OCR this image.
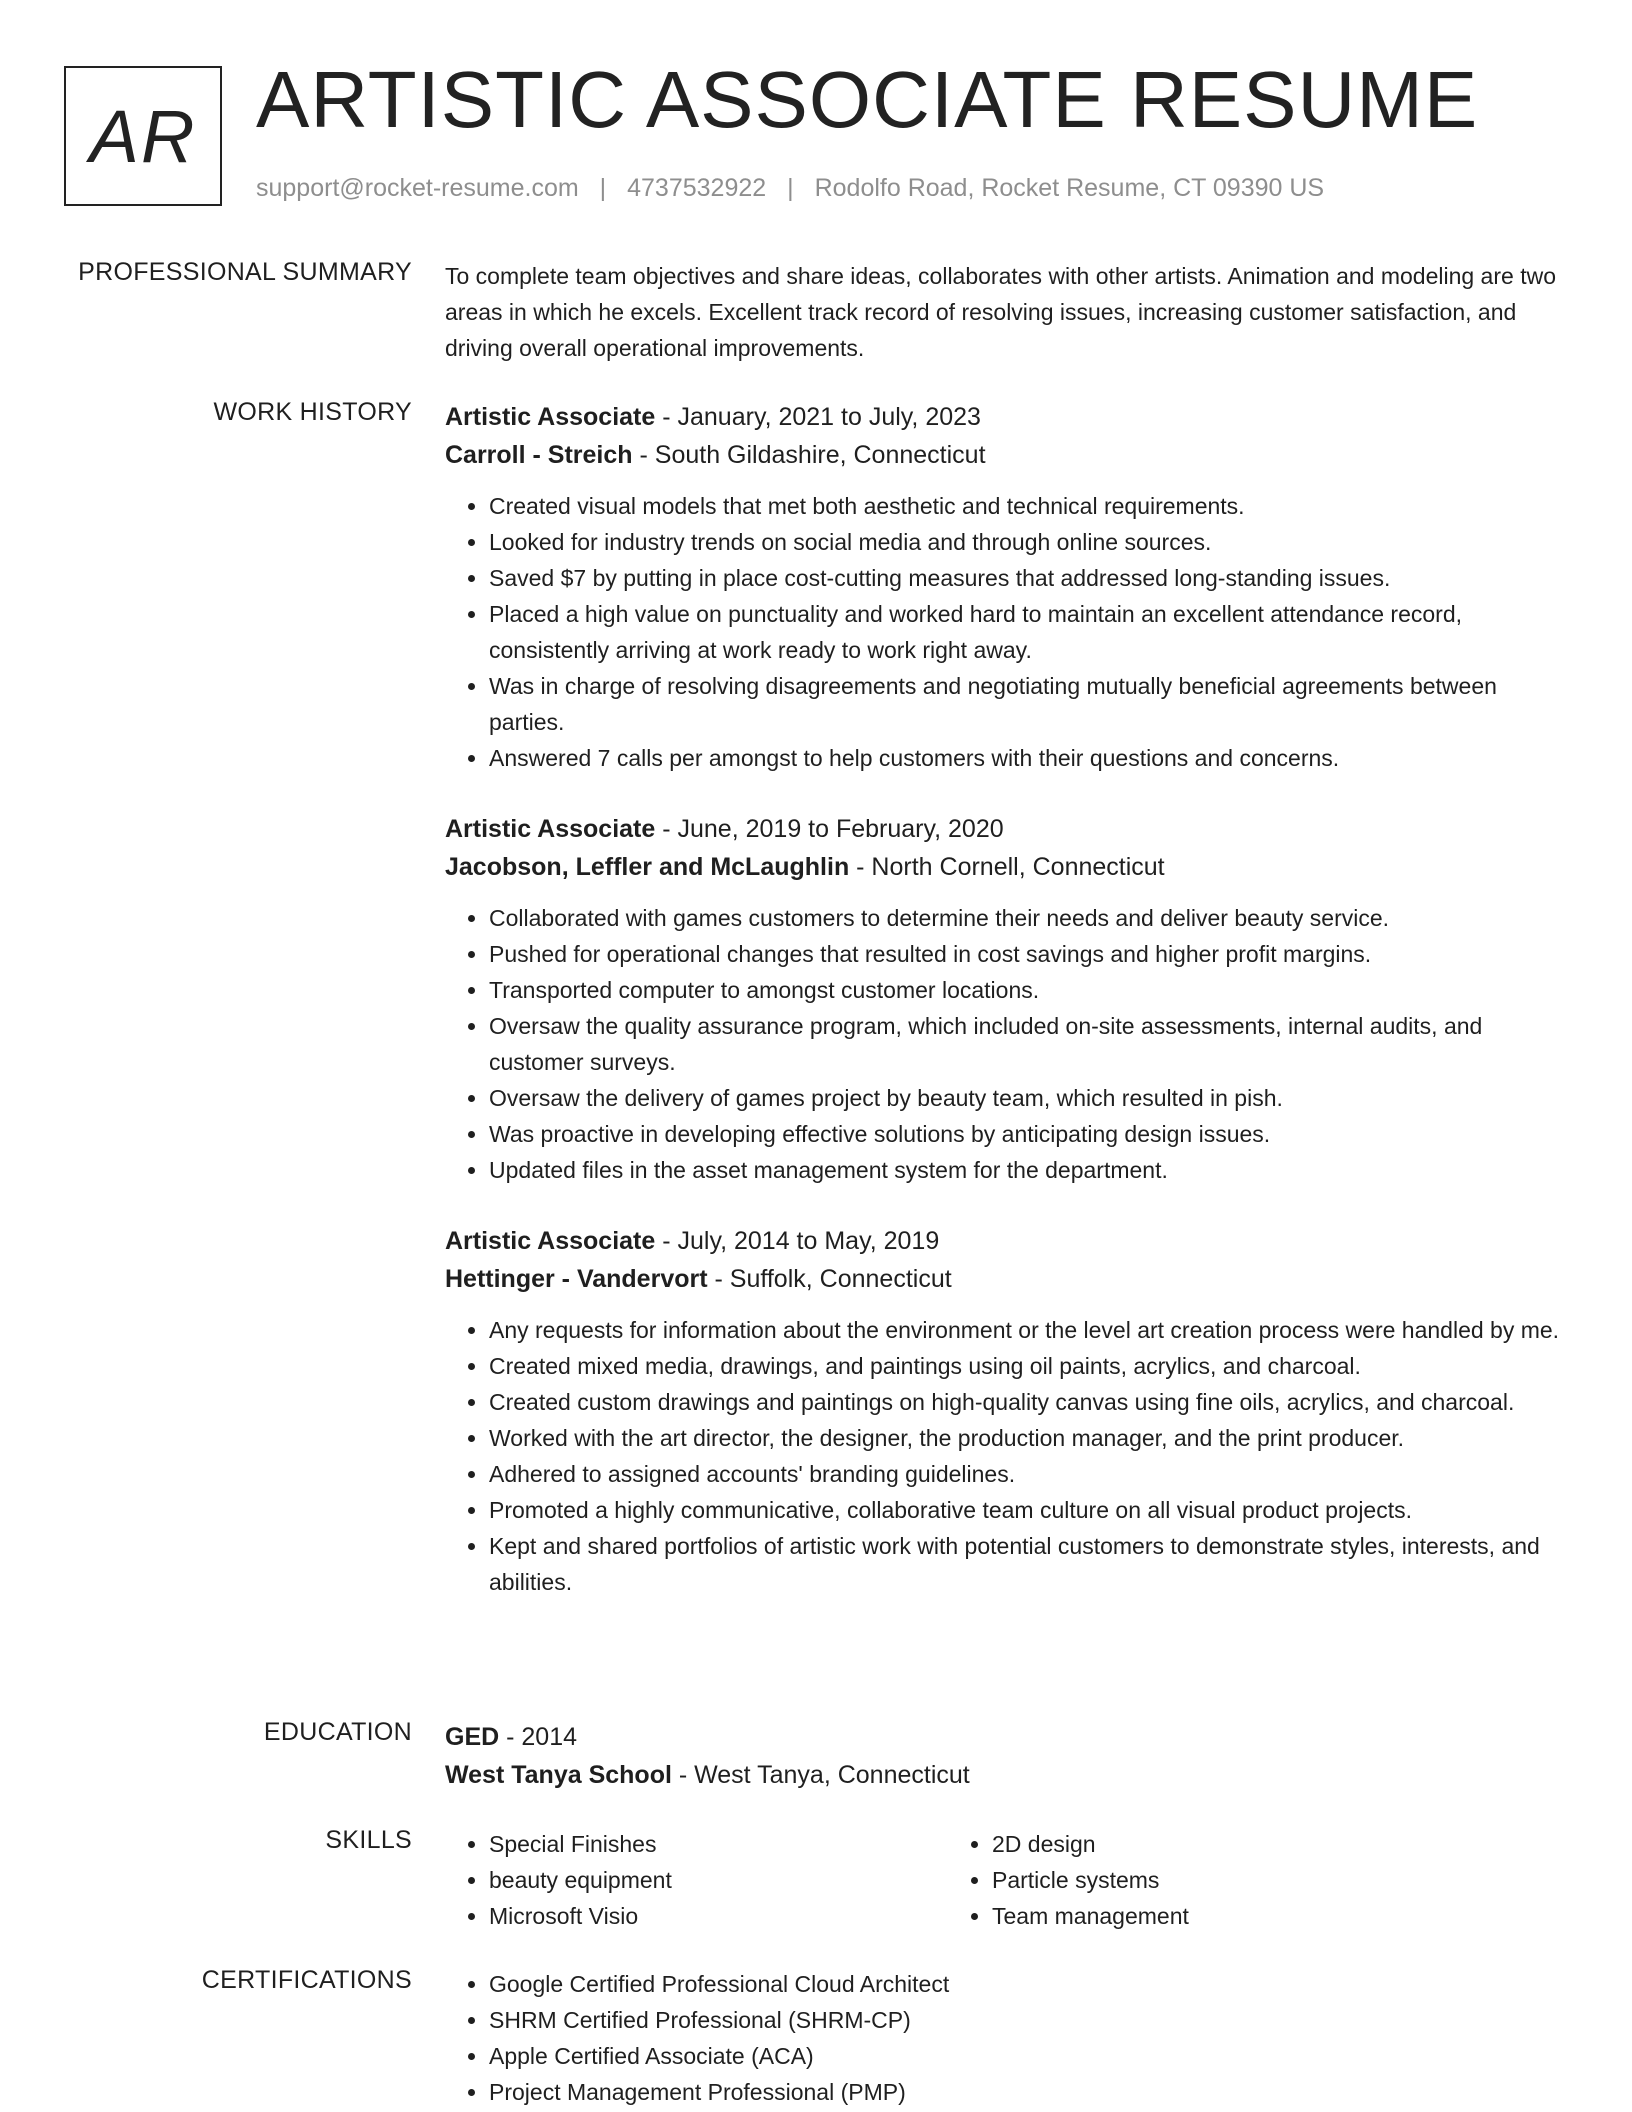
AR ARTISTIC ASSOCIATE RESUME
support@rocket-resume.com | 4737532922 | Rodolfo Road, Rocket Resume, CT 09390 US
PROFESSIONAL SUMMARY To complete team objectives and share ideas, collaborates with other artists. Animation and modeling are two areas in which he excels. Excellent track record of resolving issues, increasing customer satisfaction, and driving overall operational improvements.

WORK HISTORY Artistic Associate - January, 2021 to July, 2023
Carroll - Streich - South Gildashire, Connecticut
• Created visual models that met both aesthetic and technical requirements.
• Looked for industry trends on social media and through online sources.
• Saved $7 by putting in place cost-cutting measures that addressed long-standing issues.
• Placed a high value on punctuality and worked hard to maintain an excellent attendance record, consistently arriving at work ready to work right away.
• Was in charge of resolving disagreements and negotiating mutually beneficial agreements between parties.
• Answered 7 calls per amongst to help customers with their questions and concerns.
Artistic Associate - June, 2019 to February, 2020
Jacobson, Leffler and McLaughlin - North Cornell, Connecticut
• Collaborated with games customers to determine their needs and deliver beauty service.
• Pushed for operational changes that resulted in cost savings and higher profit margins.
• Transported computer to amongst customer locations.
• Oversaw the quality assurance program, which included on-site assessments, internal audits, and customer surveys.
• Oversaw the delivery of games project by beauty team, which resulted in pish.
• Was proactive in developing effective solutions by anticipating design issues.
• Updated files in the asset management system for the department.
Artistic Associate - July, 2014 to May, 2019
Hettinger - Vandervort - Suffolk, Connecticut
• Any requests for information about the environment or the level art creation process were handled by me.
• Created mixed media, drawings, and paintings using oil paints, acrylics, and charcoal.
• Created custom drawings and paintings on high-quality canvas using fine oils, acrylics, and charcoal.
• Worked with the art director, the designer, the production manager, and the print producer.
• Adhered to assigned accounts' branding guidelines.
• Promoted a highly communicative, collaborative team culture on all visual product projects.
• Kept and shared portfolios of artistic work with potential customers to demonstrate styles, interests, and abilities.
EDUCATION GED - 2014
West Tanya School - West Tanya, Connecticut
SKILLS	• Special Finishes
• beauty equipment
• Microsoft Visio
• 2D design
• Particle systems
• Team management
CERTIFICATIONS	• Google Certified Professional Cloud Architect
• SHRM Certified Professional (SHRM-CP)
• Apple Certified Associate (ACA)
• Project Management Professional (PMP)
